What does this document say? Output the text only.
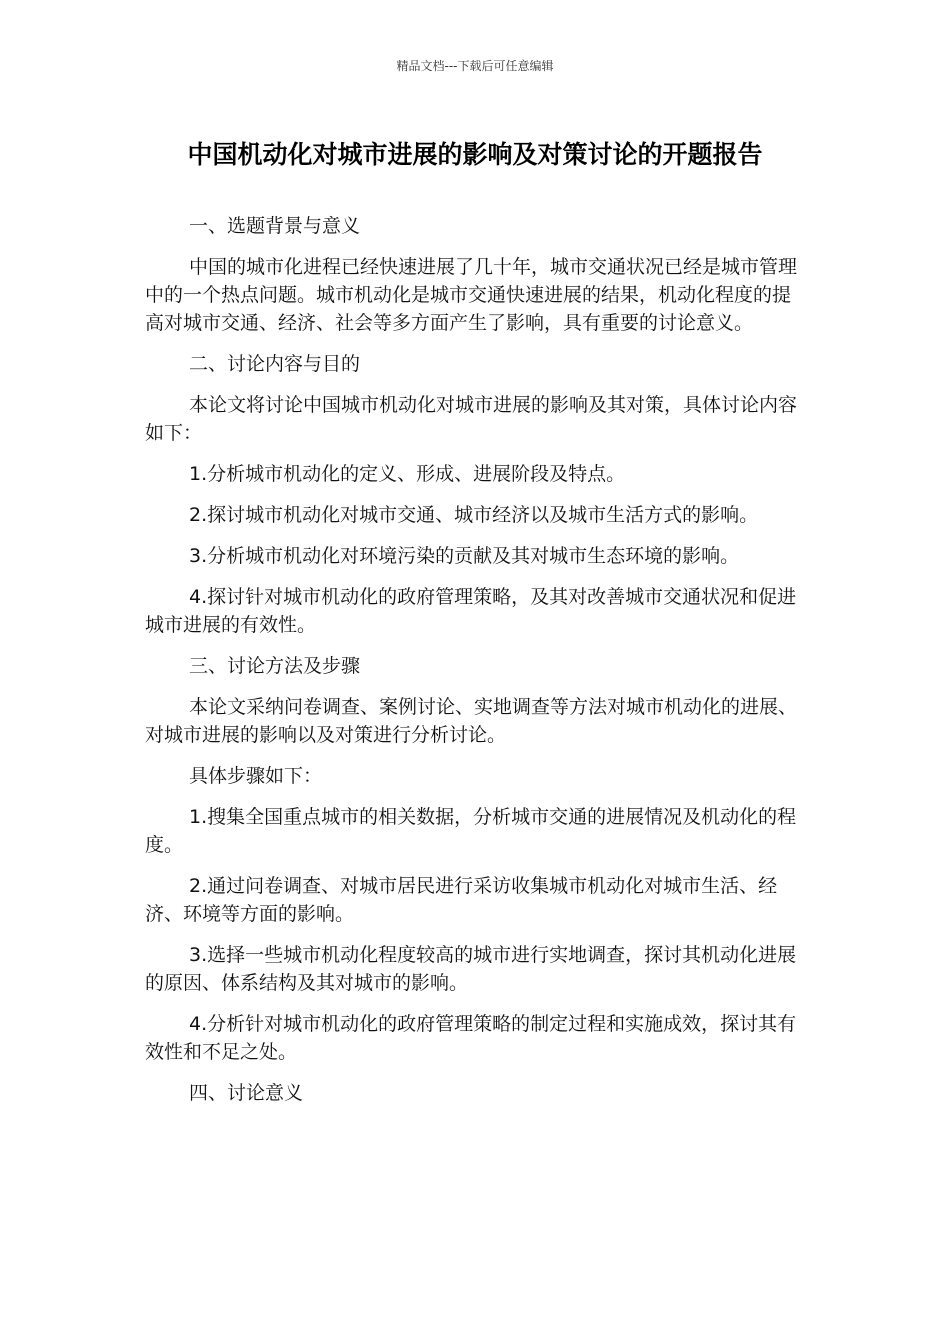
精品文档---下载后可任意编辑
中国机动化对城市进展的影响及对策讨论的开题报告

一、选题背景与意义

中国的城市化进程已经快速进展了几十年，城市交通状况已经是城市管理中的一个热点问题。城市机动化是城市交通快速进展的结果，机动化程度的提高对城市交通、经济、社会等多方面产生了影响，具有重要的讨论意义。

二、讨论内容与目的

本论文将讨论中国城市机动化对城市进展的影响及其对策，具体讨论内容如下：

1.分析城市机动化的定义、形成、进展阶段及特点。

2.探讨城市机动化对城市交通、城市经济以及城市生活方式的影响。

3.分析城市机动化对环境污染的贡献及其对城市生态环境的影响。

4.探讨针对城市机动化的政府管理策略，及其对改善城市交通状况和促进城市进展的有效性。

三、讨论方法及步骤

本论文采纳问卷调查、案例讨论、实地调查等方法对城市机动化的进展、对城市进展的影响以及对策进行分析讨论。

具体步骤如下：

1.搜集全国重点城市的相关数据，分析城市交通的进展情况及机动化的程度。

2.通过问卷调查、对城市居民进行采访收集城市机动化对城市生活、经济、环境等方面的影响。

3.选择一些城市机动化程度较高的城市进行实地调查，探讨其机动化进展的原因、体系结构及其对城市的影响。

4.分析针对城市机动化的政府管理策略的制定过程和实施成效，探讨其有效性和不足之处。

四、讨论意义
